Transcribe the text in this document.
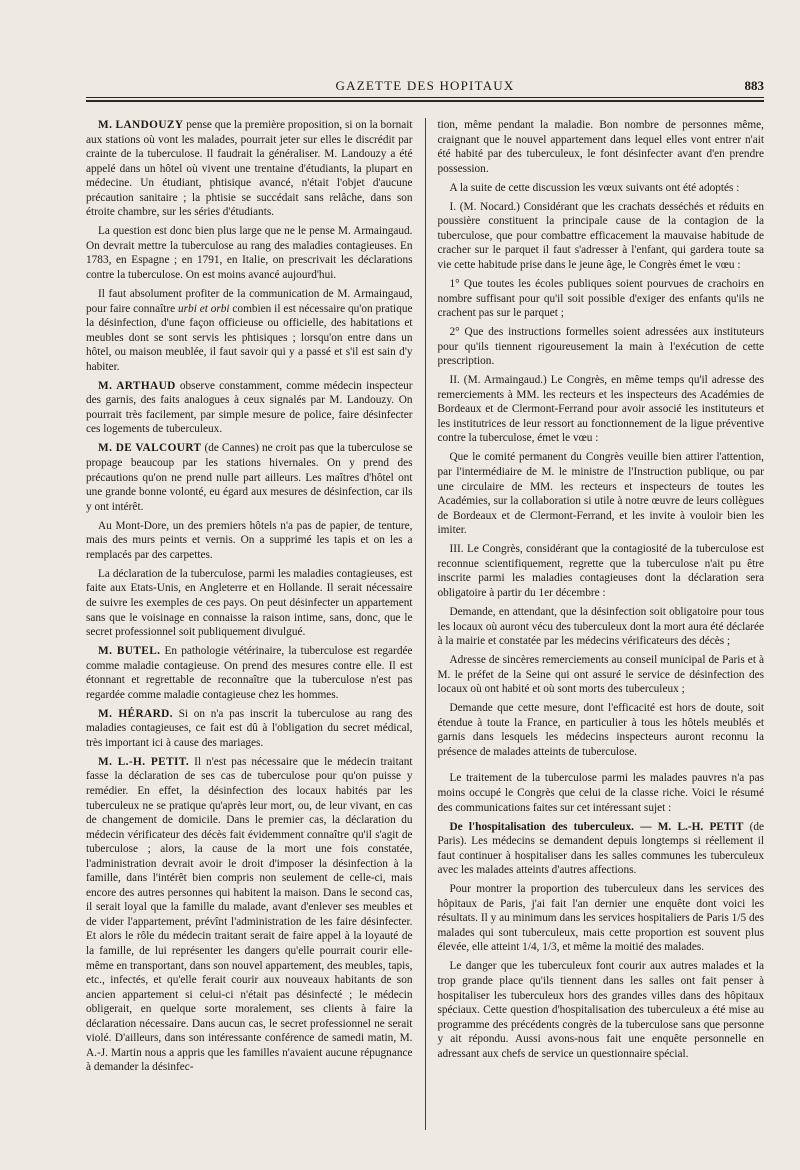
GAZETTE DES HOPITAUX	883

M. LANDOUZY pense que la première proposition, si on la bornait aux stations où vont les malades, pourrait jeter sur elles le discrédit par crainte de la tuberculose. Il faudrait la généraliser. M. Landouzy a été appelé dans un hôtel où vivent une trentaine d'étudiants, la plupart en médecine. Un étudiant, phtisique avancé, n'était l'objet d'aucune précaution sanitaire ; la phtisie se succédait sans relâche, dans son étroite chambre, sur les séries d'étudiants.

La question est donc bien plus large que ne le pense M. Armaingaud. On devrait mettre la tuberculose au rang des maladies contagieuses. En 1783, en Espagne ; en 1791, en Italie, on prescrivait les déclarations contre la tuberculose. On est moins avancé aujourd'hui.

Il faut absolument profiter de la communication de M. Armaingaud, pour faire connaître urbi et orbi combien il est nécessaire qu'on pratique la désinfection, d'une façon officieuse ou officielle, des habitations et meubles dont se sont servis les phtisiques ; lorsqu'on entre dans un hôtel, ou maison meublée, il faut savoir qui y a passé et s'il est sain d'y habiter.

M. ARTHAUD observe constamment, comme médecin inspecteur des garnis, des faits analogues à ceux signalés par M. Landouzy. On pourrait très facilement, par simple mesure de police, faire désinfecter ces logements de tuberculeux.

M. DE VALCOURT (de Cannes) ne croit pas que la tuberculose se propage beaucoup par les stations hivernales. On y prend des précautions qu'on ne prend nulle part ailleurs. Les maîtres d'hôtel ont une grande bonne volonté, eu égard aux mesures de désinfection, car ils y ont intérêt.

Au Mont-Dore, un des premiers hôtels n'a pas de papier, de tenture, mais des murs peints et vernis. On a supprimé les tapis et on les a remplacés par des carpettes.

La déclaration de la tuberculose, parmi les maladies contagieuses, est faite aux Etats-Unis, en Angleterre et en Hollande. Il serait nécessaire de suivre les exemples de ces pays. On peut désinfecter un appartement sans que le voisinage en connaisse la raison intime, sans, donc, que le secret professionnel soit publiquement divulgué.

M. BUTEL. En pathologie vétérinaire, la tuberculose est regardée comme maladie contagieuse. On prend des mesures contre elle. Il est étonnant et regrettable de reconnaître que la tuberculose n'est pas regardée comme maladie contagieuse chez les hommes.

M. HÉRARD. Si on n'a pas inscrit la tuberculose au rang des maladies contagieuses, ce fait est dû à l'obligation du secret médical, très important ici à cause des mariages.

M. L.-H. PETIT. Il n'est pas nécessaire que le médecin traitant fasse la déclaration de ses cas de tuberculose pour qu'on puisse y remédier. En effet, la désinfection des locaux habités par les tuberculeux ne se pratique qu'après leur mort, ou, de leur vivant, en cas de changement de domicile. Dans le premier cas, la déclaration du médecin vérificateur des décès fait évidemment connaître qu'il s'agit de tuberculose ; alors, la cause de la mort une fois constatée, l'administration devrait avoir le droit d'imposer la désinfection à la famille, dans l'intérêt bien compris non seulement de celle-ci, mais encore des autres personnes qui habitent la maison. Dans le second cas, il serait loyal que la famille du malade, avant d'enlever ses meubles et de vider l'appartement, prévînt l'administration de les faire désinfecter. Et alors le rôle du médecin traitant serait de faire appel à la loyauté de la famille, de lui représenter les dangers qu'elle pourrait courir elle-même en transportant, dans son nouvel appartement, des meubles, tapis, etc., infectés, et qu'elle ferait courir aux nouveaux habitants de son ancien appartement si celui-ci n'était pas désinfecté ; le médecin obligerait, en quelque sorte moralement, ses clients à faire la déclaration nécessaire. Dans aucun cas, le secret professionnel ne serait violé. D'ailleurs, dans son intéressante conférence de samedi matin, M. A.-J. Martin nous a appris que les familles n'avaient aucune répugnance à demander la désinfec-

tion, même pendant la maladie. Bon nombre de personnes même, craignant que le nouvel appartement dans lequel elles vont entrer n'ait été habité par des tuberculeux, le font désinfecter avant d'en prendre possession.

A la suite de cette discussion les vœux suivants ont été adoptés :

I. (M. Nocard.) Considérant que les crachats desséchés et réduits en poussière constituent la principale cause de la contagion de la tuberculose, que pour combattre efficacement la mauvaise habitude de cracher sur le parquet il faut s'adresser à l'enfant, qui gardera toute sa vie cette habitude prise dans le jeune âge, le Congrès émet le vœu :

1° Que toutes les écoles publiques soient pourvues de crachoirs en nombre suffisant pour qu'il soit possible d'exiger des enfants qu'ils ne crachent pas sur le parquet ;

2° Que des instructions formelles soient adressées aux instituteurs pour qu'ils tiennent rigoureusement la main à l'exécution de cette prescription.

II. (M. Armaingaud.) Le Congrès, en même temps qu'il adresse des remerciements à MM. les recteurs et les inspecteurs des Académies de Bordeaux et de Clermont-Ferrand pour avoir associé les instituteurs et les institutrices de leur ressort au fonctionnement de la ligue préventive contre la tuberculose, émet le vœu :

Que le comité permanent du Congrès veuille bien attirer l'attention, par l'intermédiaire de M. le ministre de l'Instruction publique, ou par une circulaire de MM. les recteurs et inspecteurs de toutes les Académies, sur la collaboration si utile à notre œuvre de leurs collègues de Bordeaux et de Clermont-Ferrand, et les invite à vouloir bien les imiter.

III. Le Congrès, considérant que la contagiosité de la tuberculose est reconnue scientifiquement, regrette que la tuberculose n'ait pu être inscrite parmi les maladies contagieuses dont la déclaration sera obligatoire à partir du 1er décembre :

Demande, en attendant, que la désinfection soit obligatoire pour tous les locaux où auront vécu des tuberculeux dont la mort aura été déclarée à la mairie et constatée par les médecins vérificateurs des décès ;

Adresse de sincères remerciements au conseil municipal de Paris et à M. le préfet de la Seine qui ont assuré le service de désinfection des locaux où ont habité et où sont morts des tuberculeux ;

Demande que cette mesure, dont l'efficacité est hors de doute, soit étendue à toute la France, en particulier à tous les hôtels meublés et garnis dans lesquels les médecins inspecteurs auront reconnu la présence de malades atteints de tuberculose.

Le traitement de la tuberculose parmi les malades pauvres n'a pas moins occupé le Congrès que celui de la classe riche. Voici le résumé des communications faites sur cet intéressant sujet :

De l'hospitalisation des tuberculeux. — M. L.-H. PETIT (de Paris). Les médecins se demandent depuis longtemps si réellement il faut continuer à hospitaliser dans les salles communes les tuberculeux avec les malades atteints d'autres affections.

Pour montrer la proportion des tuberculeux dans les services des hôpitaux de Paris, j'ai fait l'an dernier une enquête dont voici les résultats. Il y au minimum dans les services hospitaliers de Paris 1/5 des malades qui sont tuberculeux, mais cette proportion est souvent plus élevée, elle atteint 1/4, 1/3, et même la moitié des malades.

Le danger que les tuberculeux font courir aux autres malades et la trop grande place qu'ils tiennent dans les salles ont fait penser à hospitaliser les tuberculeux hors des grandes villes dans des hôpitaux spéciaux. Cette question d'hospitalisation des tuberculeux a été mise au programme des précédents congrès de la tuberculose sans que personne y ait répondu. Aussi avons-nous fait une enquête personnelle en adressant aux chefs de service un questionnaire spécial.
